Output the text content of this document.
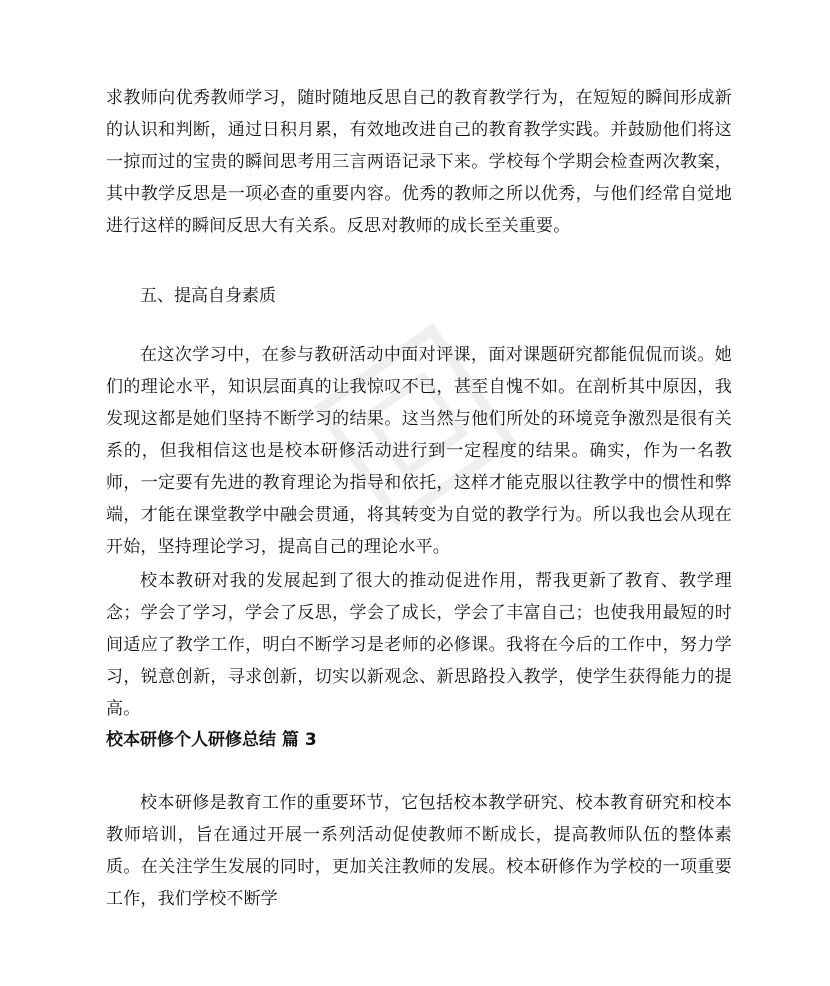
求教师向优秀教师学习，随时随地反思自己的教育教学行为，在短短的瞬间形成新的认识和判断，通过日积月累，有效地改进自己的教育教学实践。并鼓励他们将这一掠而过的宝贵的瞬间思考用三言两语记录下来。学校每个学期会检查两次教案，其中教学反思是一项必查的重要内容。优秀的教师之所以优秀，与他们经常自觉地进行这样的瞬间反思大有关系。反思对教师的成长至关重要。

五、提高自身素质

在这次学习中，在参与教研活动中面对评课，面对课题研究都能侃侃而谈。她们的理论水平，知识层面真的让我惊叹不已，甚至自愧不如。在剖析其中原因，我发现这都是她们坚持不断学习的结果。这当然与他们所处的环境竞争激烈是很有关系的，但我相信这也是校本研修活动进行到一定程度的结果。确实，作为一名教师，一定要有先进的教育理论为指导和依托，这样才能克服以往教学中的惯性和弊端，才能在课堂教学中融会贯通，将其转变为自觉的教学行为。所以我也会从现在开始，坚持理论学习，提高自己的理论水平。

校本教研对我的发展起到了很大的推动促进作用，帮我更新了教育、教学理念；学会了学习，学会了反思，学会了成长，学会了丰富自己；也使我用最短的时间适应了教学工作，明白不断学习是老师的必修课。我将在今后的工作中，努力学习，锐意创新，寻求创新，切实以新观念、新思路投入教学，使学生获得能力的提高。

校本研修个人研修总结 篇 3

校本研修是教育工作的重要环节，它包括校本教学研究、校本教育研究和校本教师培训，旨在通过开展一系列活动促使教师不断成长，提高教师队伍的整体素质。在关注学生发展的同时，更加关注教师的发展。校本研修作为学校的一项重要工作，我们学校不断学
